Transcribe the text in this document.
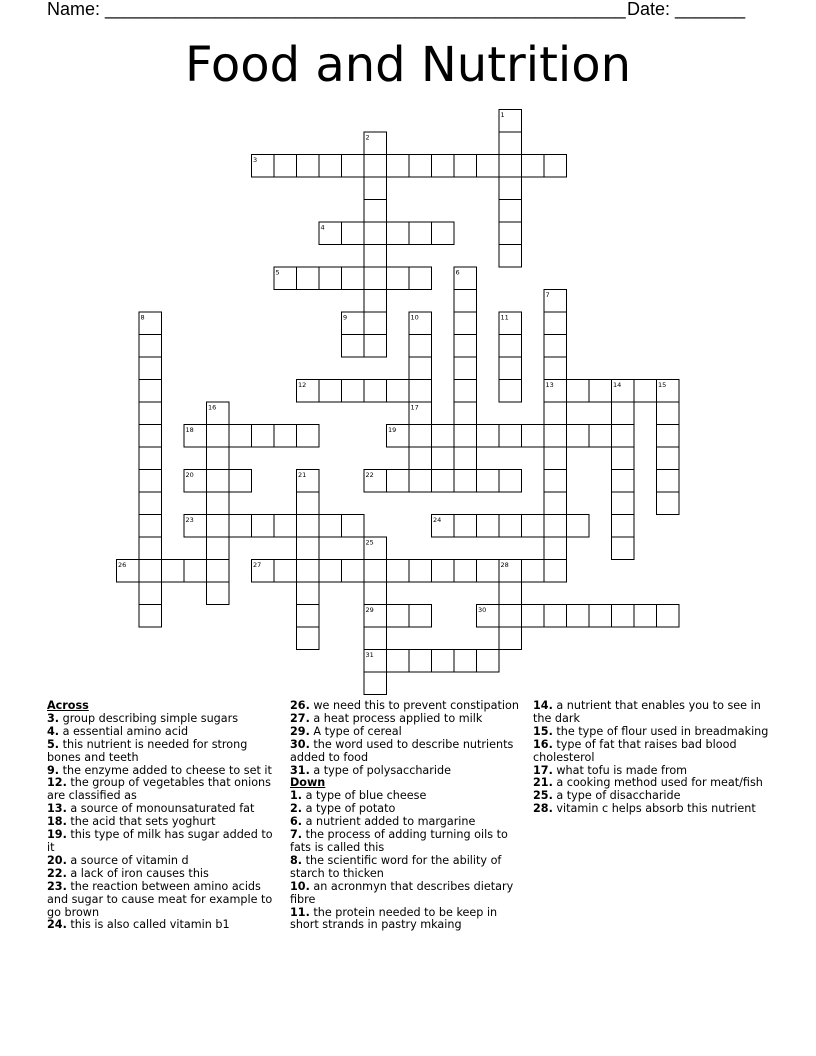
Name: ____________________________________________________ Date: _______
Food and Nutrition
1
2
3
4
5	6
7
8	9	10	11
12	13	14	15
16	17
18	19
20	21	22
23	24
25
26	27	28
29	30
31

Across

3. group describing simple sugars

4. a essential amino acid

5. this nutrient is needed for strong bones and teeth

9. the enzyme added to cheese to set it

12. the group of vegetables that onions are classified as

13. a source of monounsaturated fat

18. the acid that sets yoghurt

19. this type of milk has sugar added to it

20. a source of vitamin d

22. a lack of iron causes this

23. the reaction between amino acids and sugar to cause meat for example to go brown

24. this is also called vitamin b1

26. we need this to prevent constipation

27. a heat process applied to milk

29. A type of cereal

30. the word used to describe nutrients added to food

31. a type of polysaccharide

Down

1. a type of blue cheese

2. a type of potato

6. a nutrient added to margarine

7. the process of adding turning oils to fats is called this

8. the scientific word for the ability of starch to thicken

10. an acronmyn that describes dietary fibre

11. the protein needed to be keep in short strands in pastry mkaing

14. a nutrient that enables you to see in the dark

15. the type of flour used in breadmaking

16. type of fat that raises bad blood cholesterol

17. what tofu is made from

21. a cooking method used for meat/fish

25. a type of disaccharide

28. vitamin c helps absorb this nutrient
